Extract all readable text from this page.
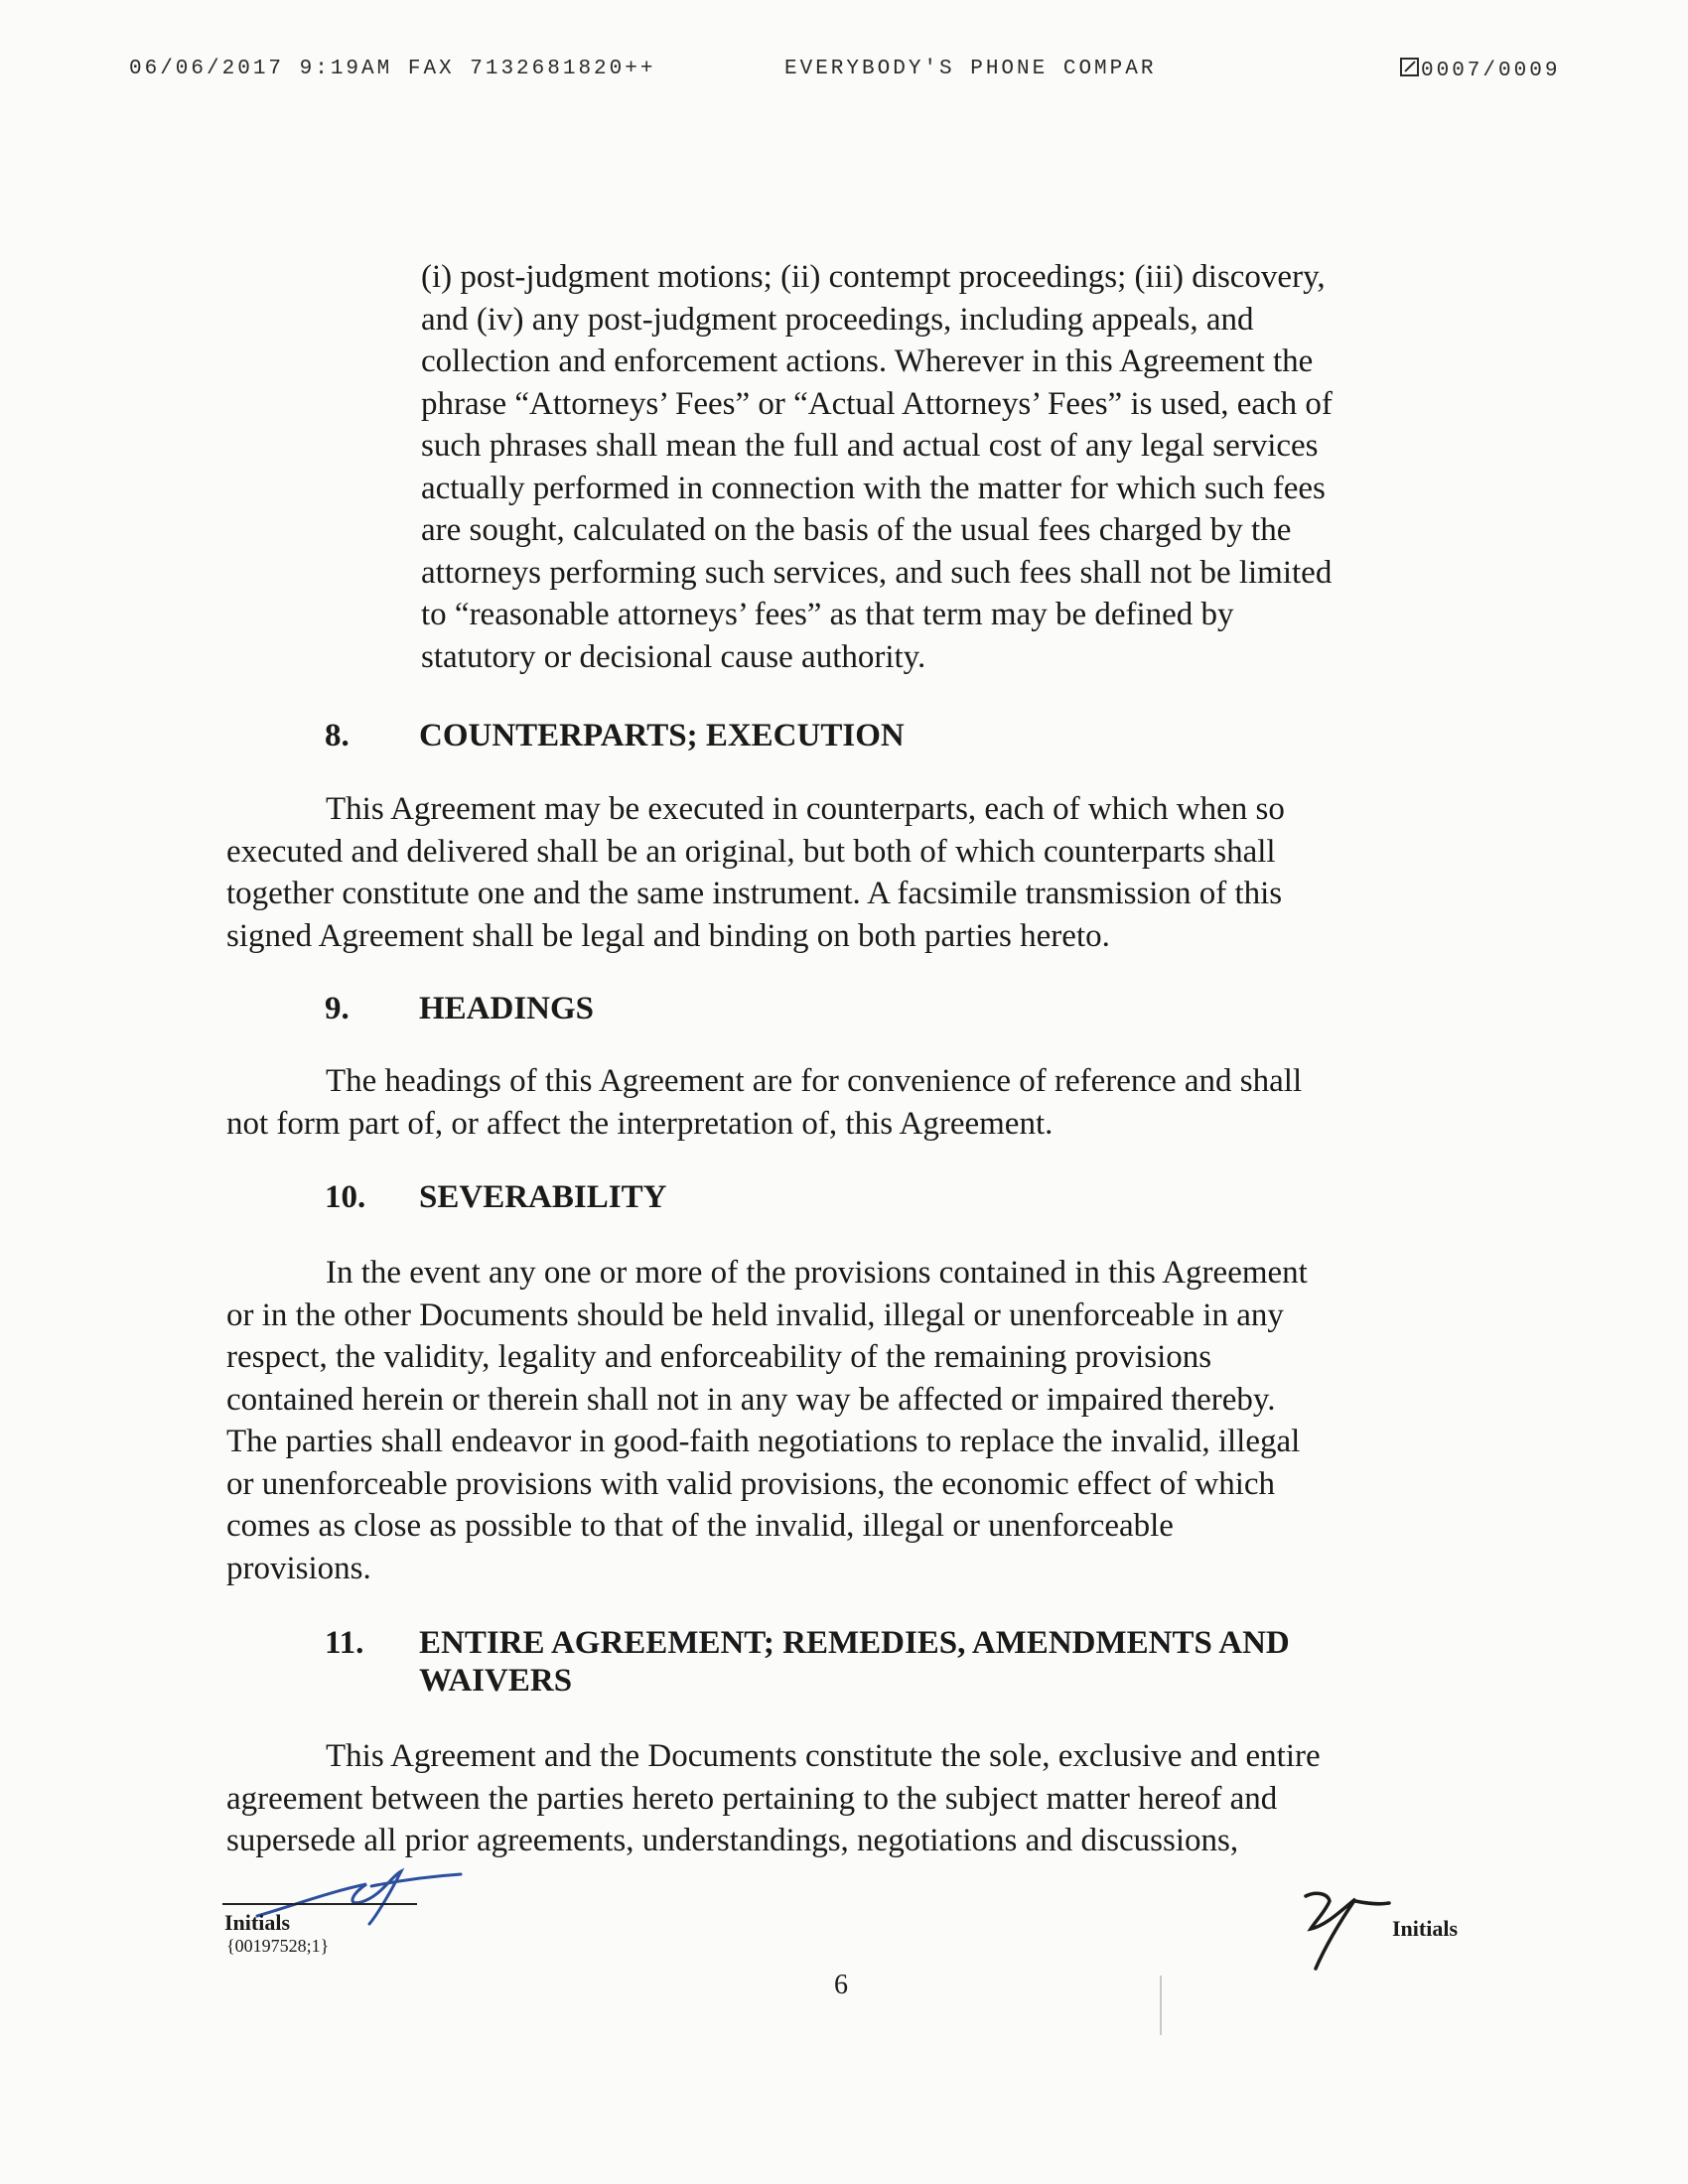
06/06/2017 9:19AM FAX 7132681820++	EVERYBODY'S PHONE COMPAR	0007/0009
(i) post-judgment motions; (ii) contempt proceedings; (iii) discovery,
and (iv) any post-judgment proceedings, including appeals, and
collection and enforcement actions. Wherever in this Agreement the
phrase “Attorneys’ Fees” or “Actual Attorneys’ Fees” is used, each of
such phrases shall mean the full and actual cost of any legal services
actually performed in connection with the matter for which such fees
are sought, calculated on the basis of the usual fees charged by the
attorneys performing such services, and such fees shall not be limited
to “reasonable attorneys’ fees” as that term may be defined by
statutory or decisional cause authority.
8. COUNTERPARTS; EXECUTION
This Agreement may be executed in counterparts, each of which when so
executed and delivered shall be an original, but both of which counterparts shall
together constitute one and the same instrument. A facsimile transmission of this
signed Agreement shall be legal and binding on both parties hereto.
9. HEADINGS
The headings of this Agreement are for convenience of reference and shall
not form part of, or affect the interpretation of, this Agreement.
10. SEVERABILITY
In the event any one or more of the provisions contained in this Agreement
or in the other Documents should be held invalid, illegal or unenforceable in any
respect, the validity, legality and enforceability of the remaining provisions
contained herein or therein shall not in any way be affected or impaired thereby.
The parties shall endeavor in good-faith negotiations to replace the invalid, illegal
or unenforceable provisions with valid provisions, the economic effect of which
comes as close as possible to that of the invalid, illegal or unenforceable
provisions.
11. ENTIRE AGREEMENT; REMEDIES, AMENDMENTS AND
WAIVERS
This Agreement and the Documents constitute the sole, exclusive and entire
agreement between the parties hereto pertaining to the subject matter hereof and
supersede all prior agreements, understandings, negotiations and discussions,
Initials
{00197528;1}
Initials
6
